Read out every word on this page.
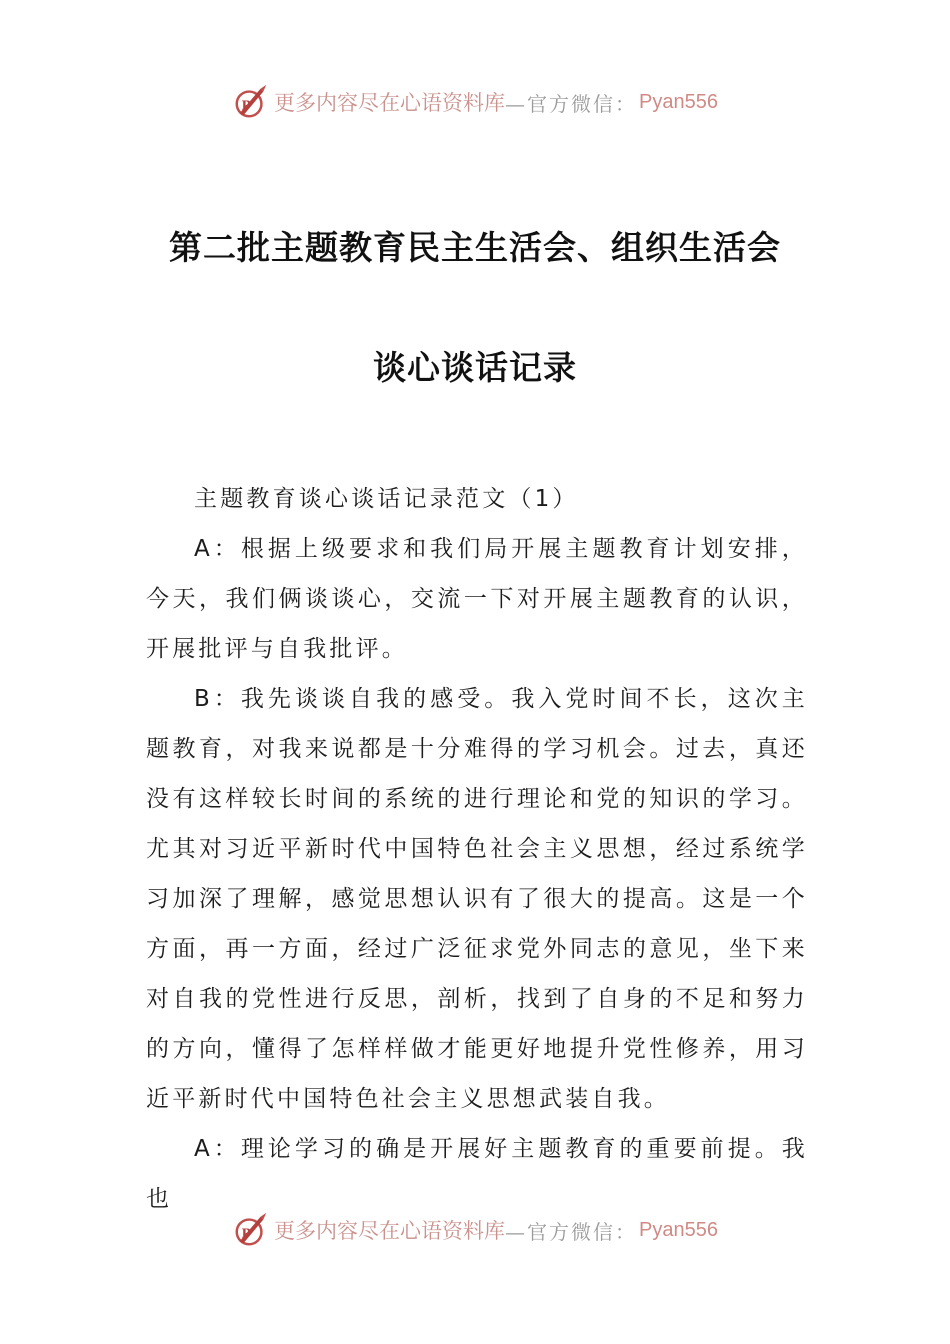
P 更多内容尽在心语资料库 —官方微信： Pyan556
第二批主题教育民主生活会、组织生活会
谈心谈话记录

主题教育谈心谈话记录范文（1）

A：根据上级要求和我们局开展主题教育计划安排，今天，我们俩谈谈心，交流一下对开展主题教育的认识，开展批评与自我批评。

B：我先谈谈自我的感受。我入党时间不长，这次主题教育，对我来说都是十分难得的学习机会。过去，真还没有这样较长时间的系统的进行理论和党的知识的学习。尤其对习近平新时代中国特色社会主义思想，经过系统学习加深了理解，感觉思想认识有了很大的提高。这是一个方面，再一方面，经过广泛征求党外同志的意见，坐下来对自我的党性进行反思，剖析，找到了自身的不足和努力的方向，懂得了怎样样做才能更好地提升党性修养，用习近平新时代中国特色社会主义思想武装自我。

A：理论学习的确是开展好主题教育的重要前提。我也

P 更多内容尽在心语资料库 —官方微信： Pyan556
